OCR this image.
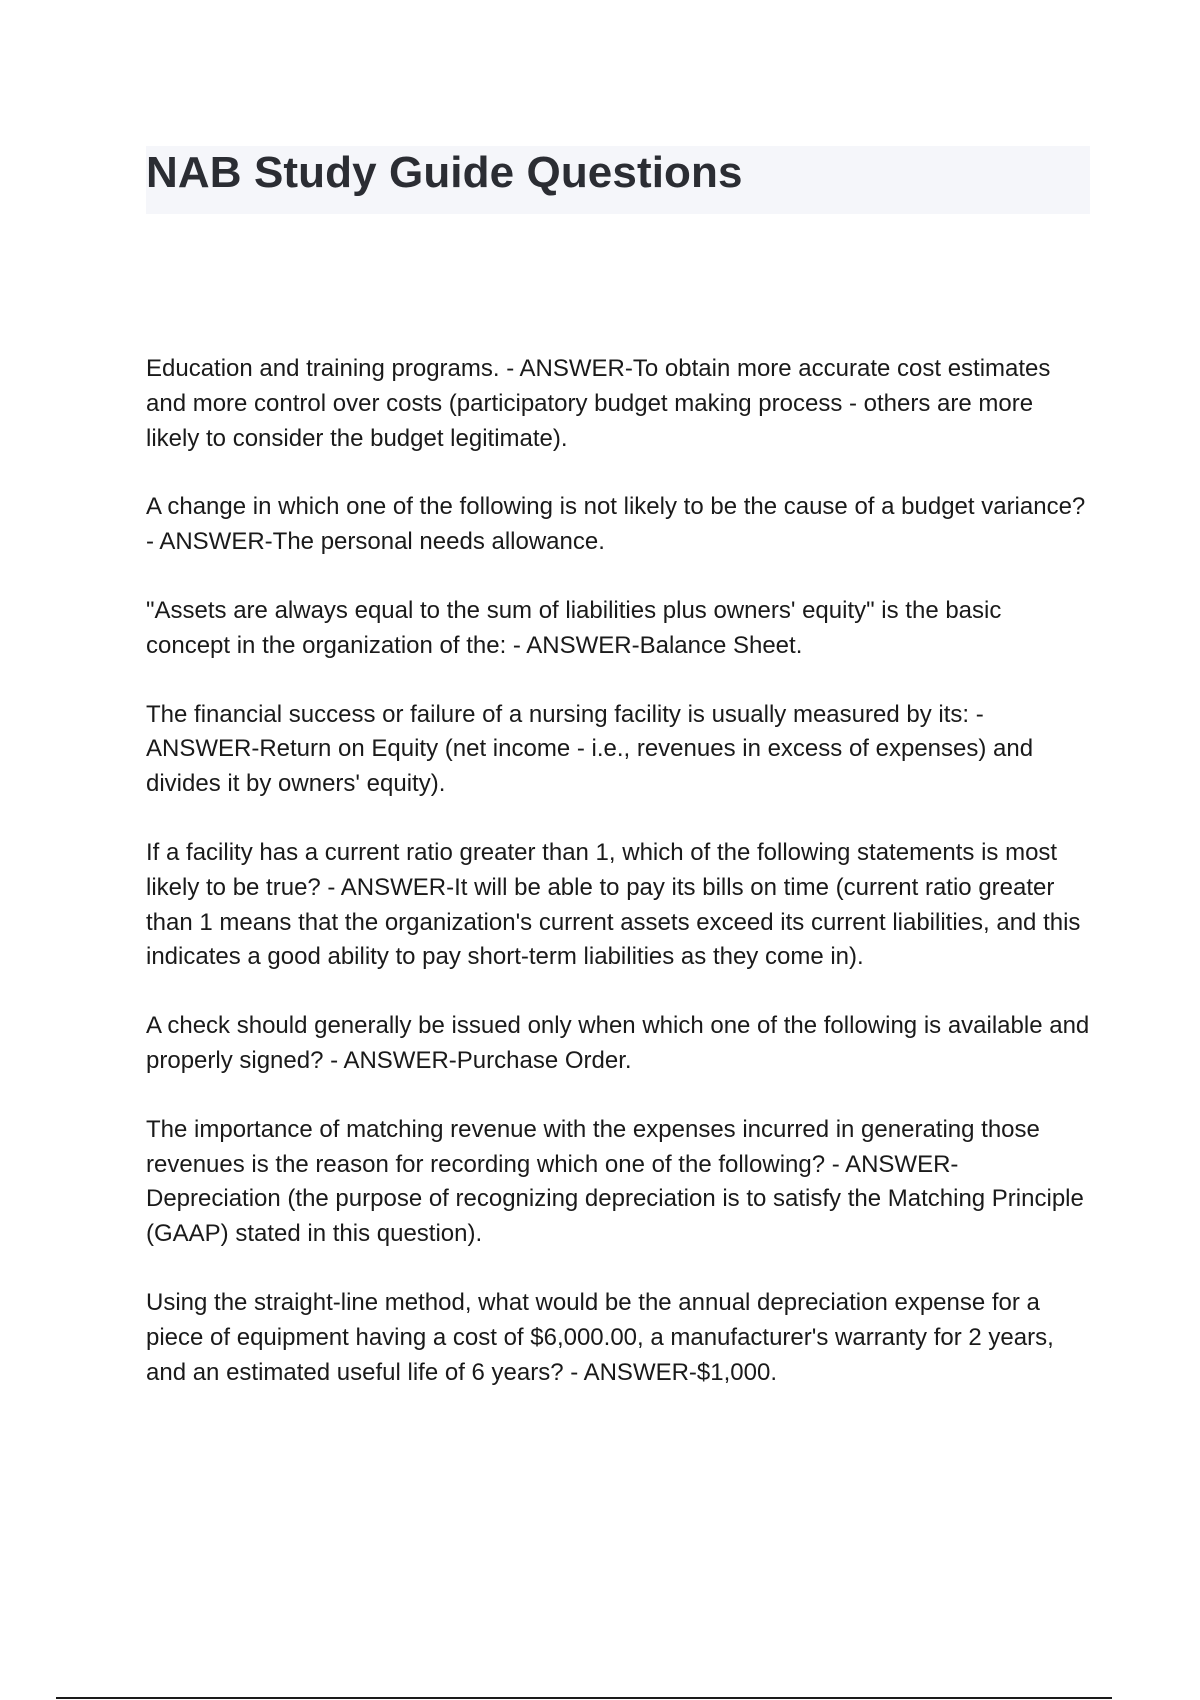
NAB Study Guide Questions

Education and training programs. - ANSWER-To obtain more accurate cost estimates and more control over costs (participatory budget making process - others are more likely to consider the budget legitimate).

A change in which one of the following is not likely to be the cause of a budget variance? - ANSWER-The personal needs allowance.

"Assets are always equal to the sum of liabilities plus owners' equity" is the basic concept in the organization of the: - ANSWER-Balance Sheet.

The financial success or failure of a nursing facility is usually measured by its: - ANSWER-Return on Equity (net income - i.e., revenues in excess of expenses) and divides it by owners' equity).

If a facility has a current ratio greater than 1, which of the following statements is most likely to be true? - ANSWER-It will be able to pay its bills on time (current ratio greater than 1 means that the organization's current assets exceed its current liabilities, and this indicates a good ability to pay short-term liabilities as they come in).

A check should generally be issued only when which one of the following is available and properly signed? - ANSWER-Purchase Order.

The importance of matching revenue with the expenses incurred in generating those revenues is the reason for recording which one of the following? - ANSWER-Depreciation (the purpose of recognizing depreciation is to satisfy the Matching Principle (GAAP) stated in this question).

Using the straight-line method, what would be the annual depreciation expense for a piece of equipment having a cost of $6,000.00, a manufacturer's warranty for 2 years, and an estimated useful life of 6 years? - ANSWER-$1,000.
